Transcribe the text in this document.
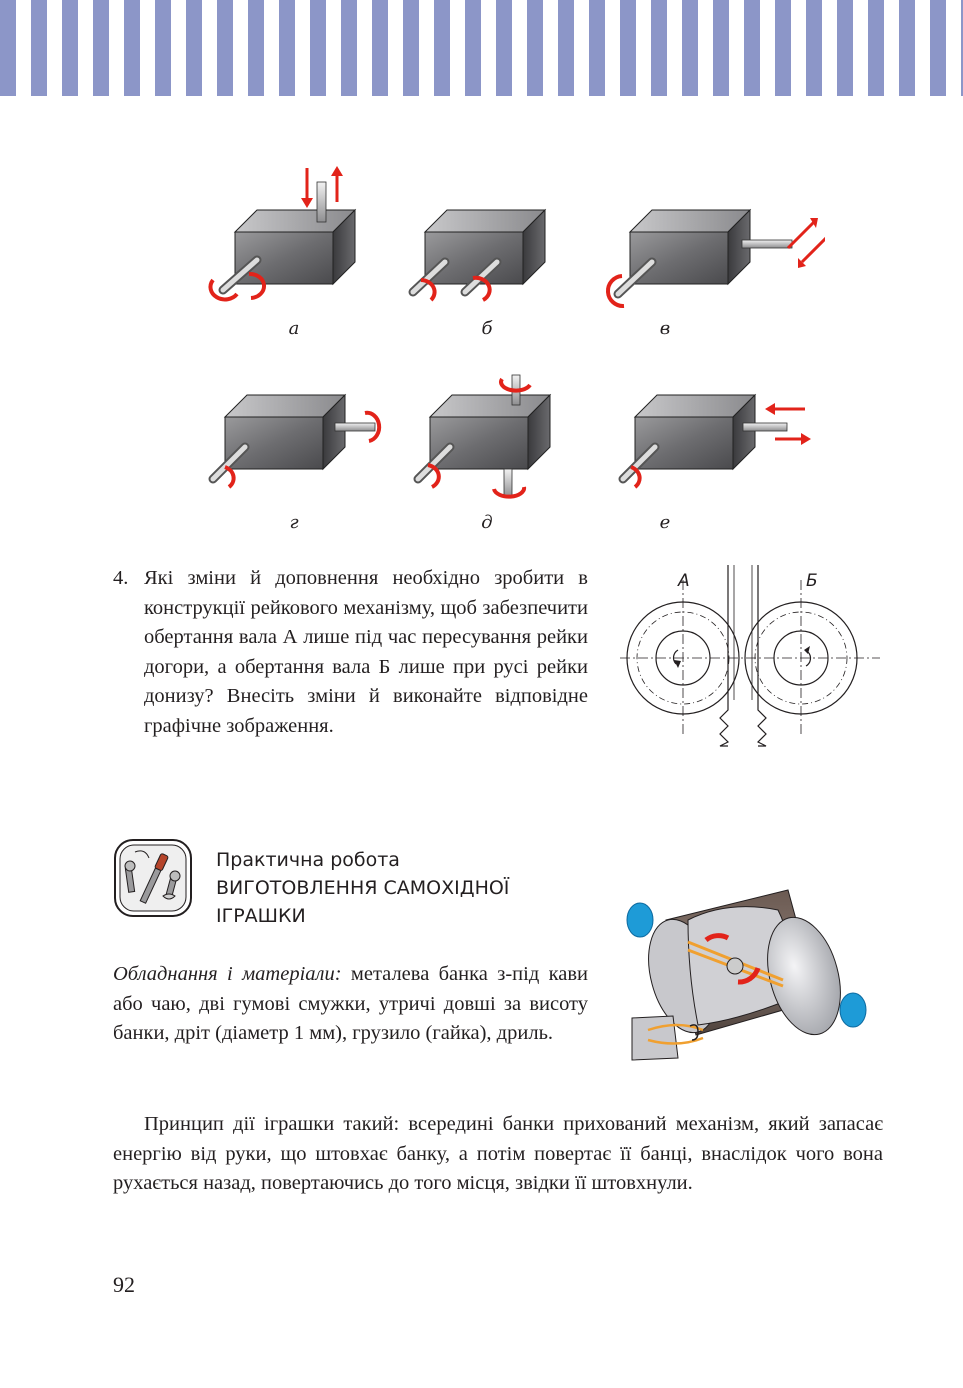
а	б	в
г	д	е
4. Які зміни й доповнення необхідно зробити в конструкції рейкового механізму, щоб забезпечити обертання вала А лише під час пересування рейки догори, а обертання вала Б лише при русі рейки донизу? Внесіть зміни й виконайте відповідне графічне зображення.
А	Б
Практична робота
ВИГОТОВЛЕННЯ САМОХІДНОЇ
ІГРАШКИ
Обладнання і матеріали: металева банка з-під кави або чаю, дві гумові смужки, утричі довші за висоту банки, дріт (діаметр 1 мм), грузило (гайка), дриль.
Принцип дії іграшки такий: всередині банки прихований механізм, який запасає енергію від руки, що штовхає банку, а потім повертає її банці, внаслідок чого вона рухається назад, повертаючись до того місця, звідки її штовхнули.
92
